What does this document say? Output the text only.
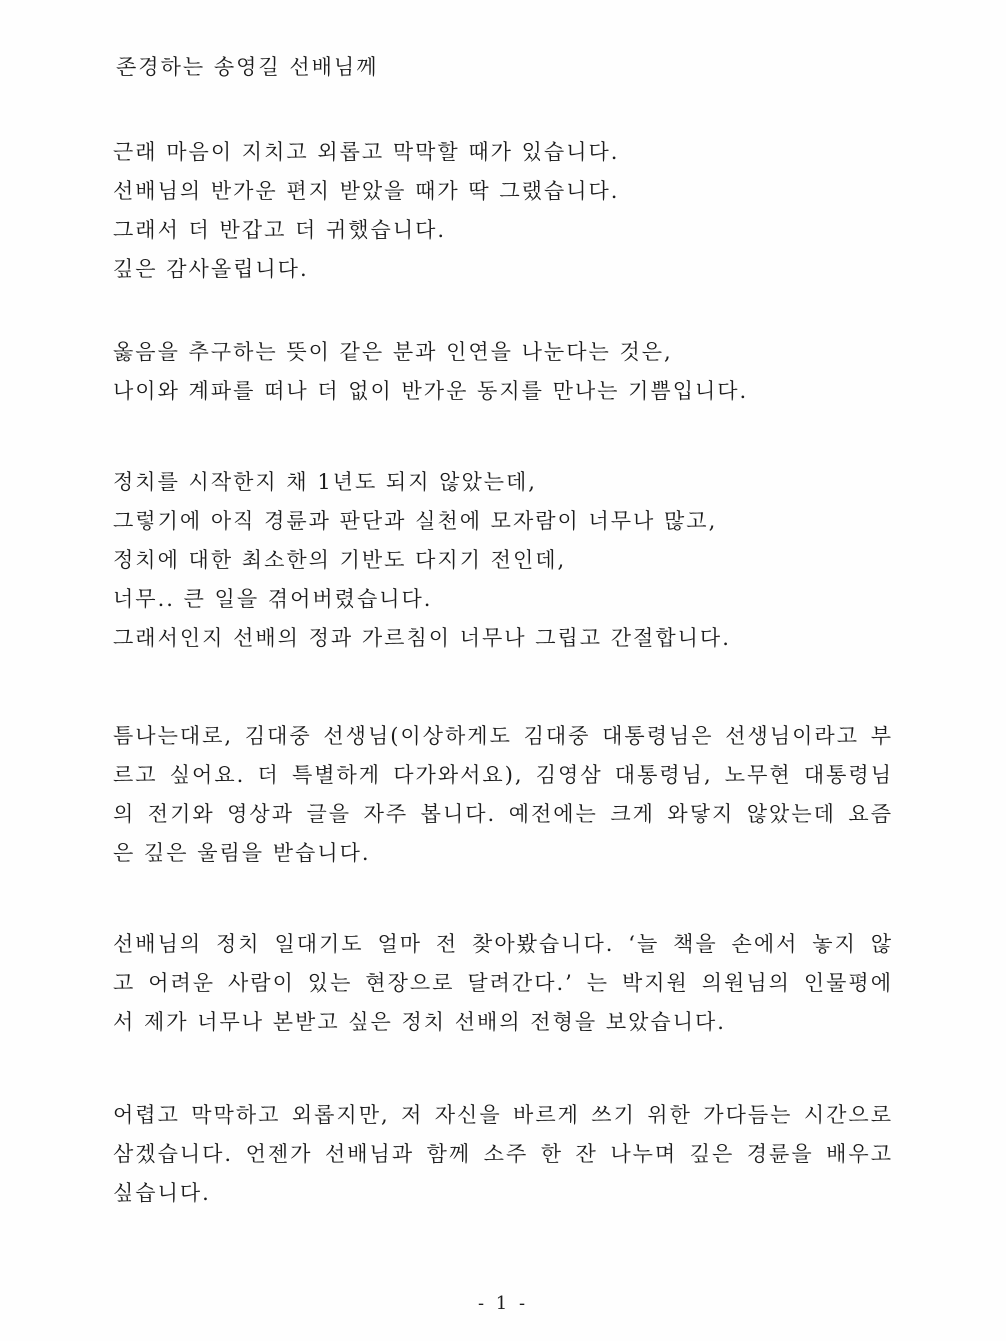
존경하는 송영길 선배님께
근래 마음이 지치고 외롭고 막막할 때가 있습니다.
선배님의 반가운 편지 받았을 때가 딱 그랬습니다.
그래서 더 반갑고 더 귀했습니다.
깊은 감사올립니다.
옳음을 추구하는 뜻이 같은 분과 인연을 나눈다는 것은,
나이와 계파를 떠나 더 없이 반가운 동지를 만나는 기쁨입니다.
정치를 시작한지 채 1년도 되지 않았는데,
그렇기에 아직 경륜과 판단과 실천에 모자람이 너무나 많고,
정치에 대한 최소한의 기반도 다지기 전인데,
너무.. 큰 일을 겪어버렸습니다.
그래서인지 선배의 정과 가르침이 너무나 그립고 간절합니다.
틈나는대로, 김대중 선생님(이상하게도 김대중 대통령님은 선생님이라고 부
르고 싶어요. 더 특별하게 다가와서요), 김영삼 대통령님, 노무현 대통령님
의 전기와 영상과 글을 자주 봅니다. 예전에는 크게 와닿지 않았는데 요즘
은 깊은 울림을 받습니다.
선배님의 정치 일대기도 얼마 전 찾아봤습니다. ‘늘 책을 손에서 놓지 않
고 어려운 사람이 있는 현장으로 달려간다.’ 는 박지원 의원님의 인물평에
서 제가 너무나 본받고 싶은 정치 선배의 전형을 보았습니다.
어렵고 막막하고 외롭지만, 저 자신을 바르게 쓰기 위한 가다듬는 시간으로
삼겠습니다. 언젠가 선배님과 함께 소주 한 잔 나누며 깊은 경륜을 배우고
싶습니다.
- 1 -
